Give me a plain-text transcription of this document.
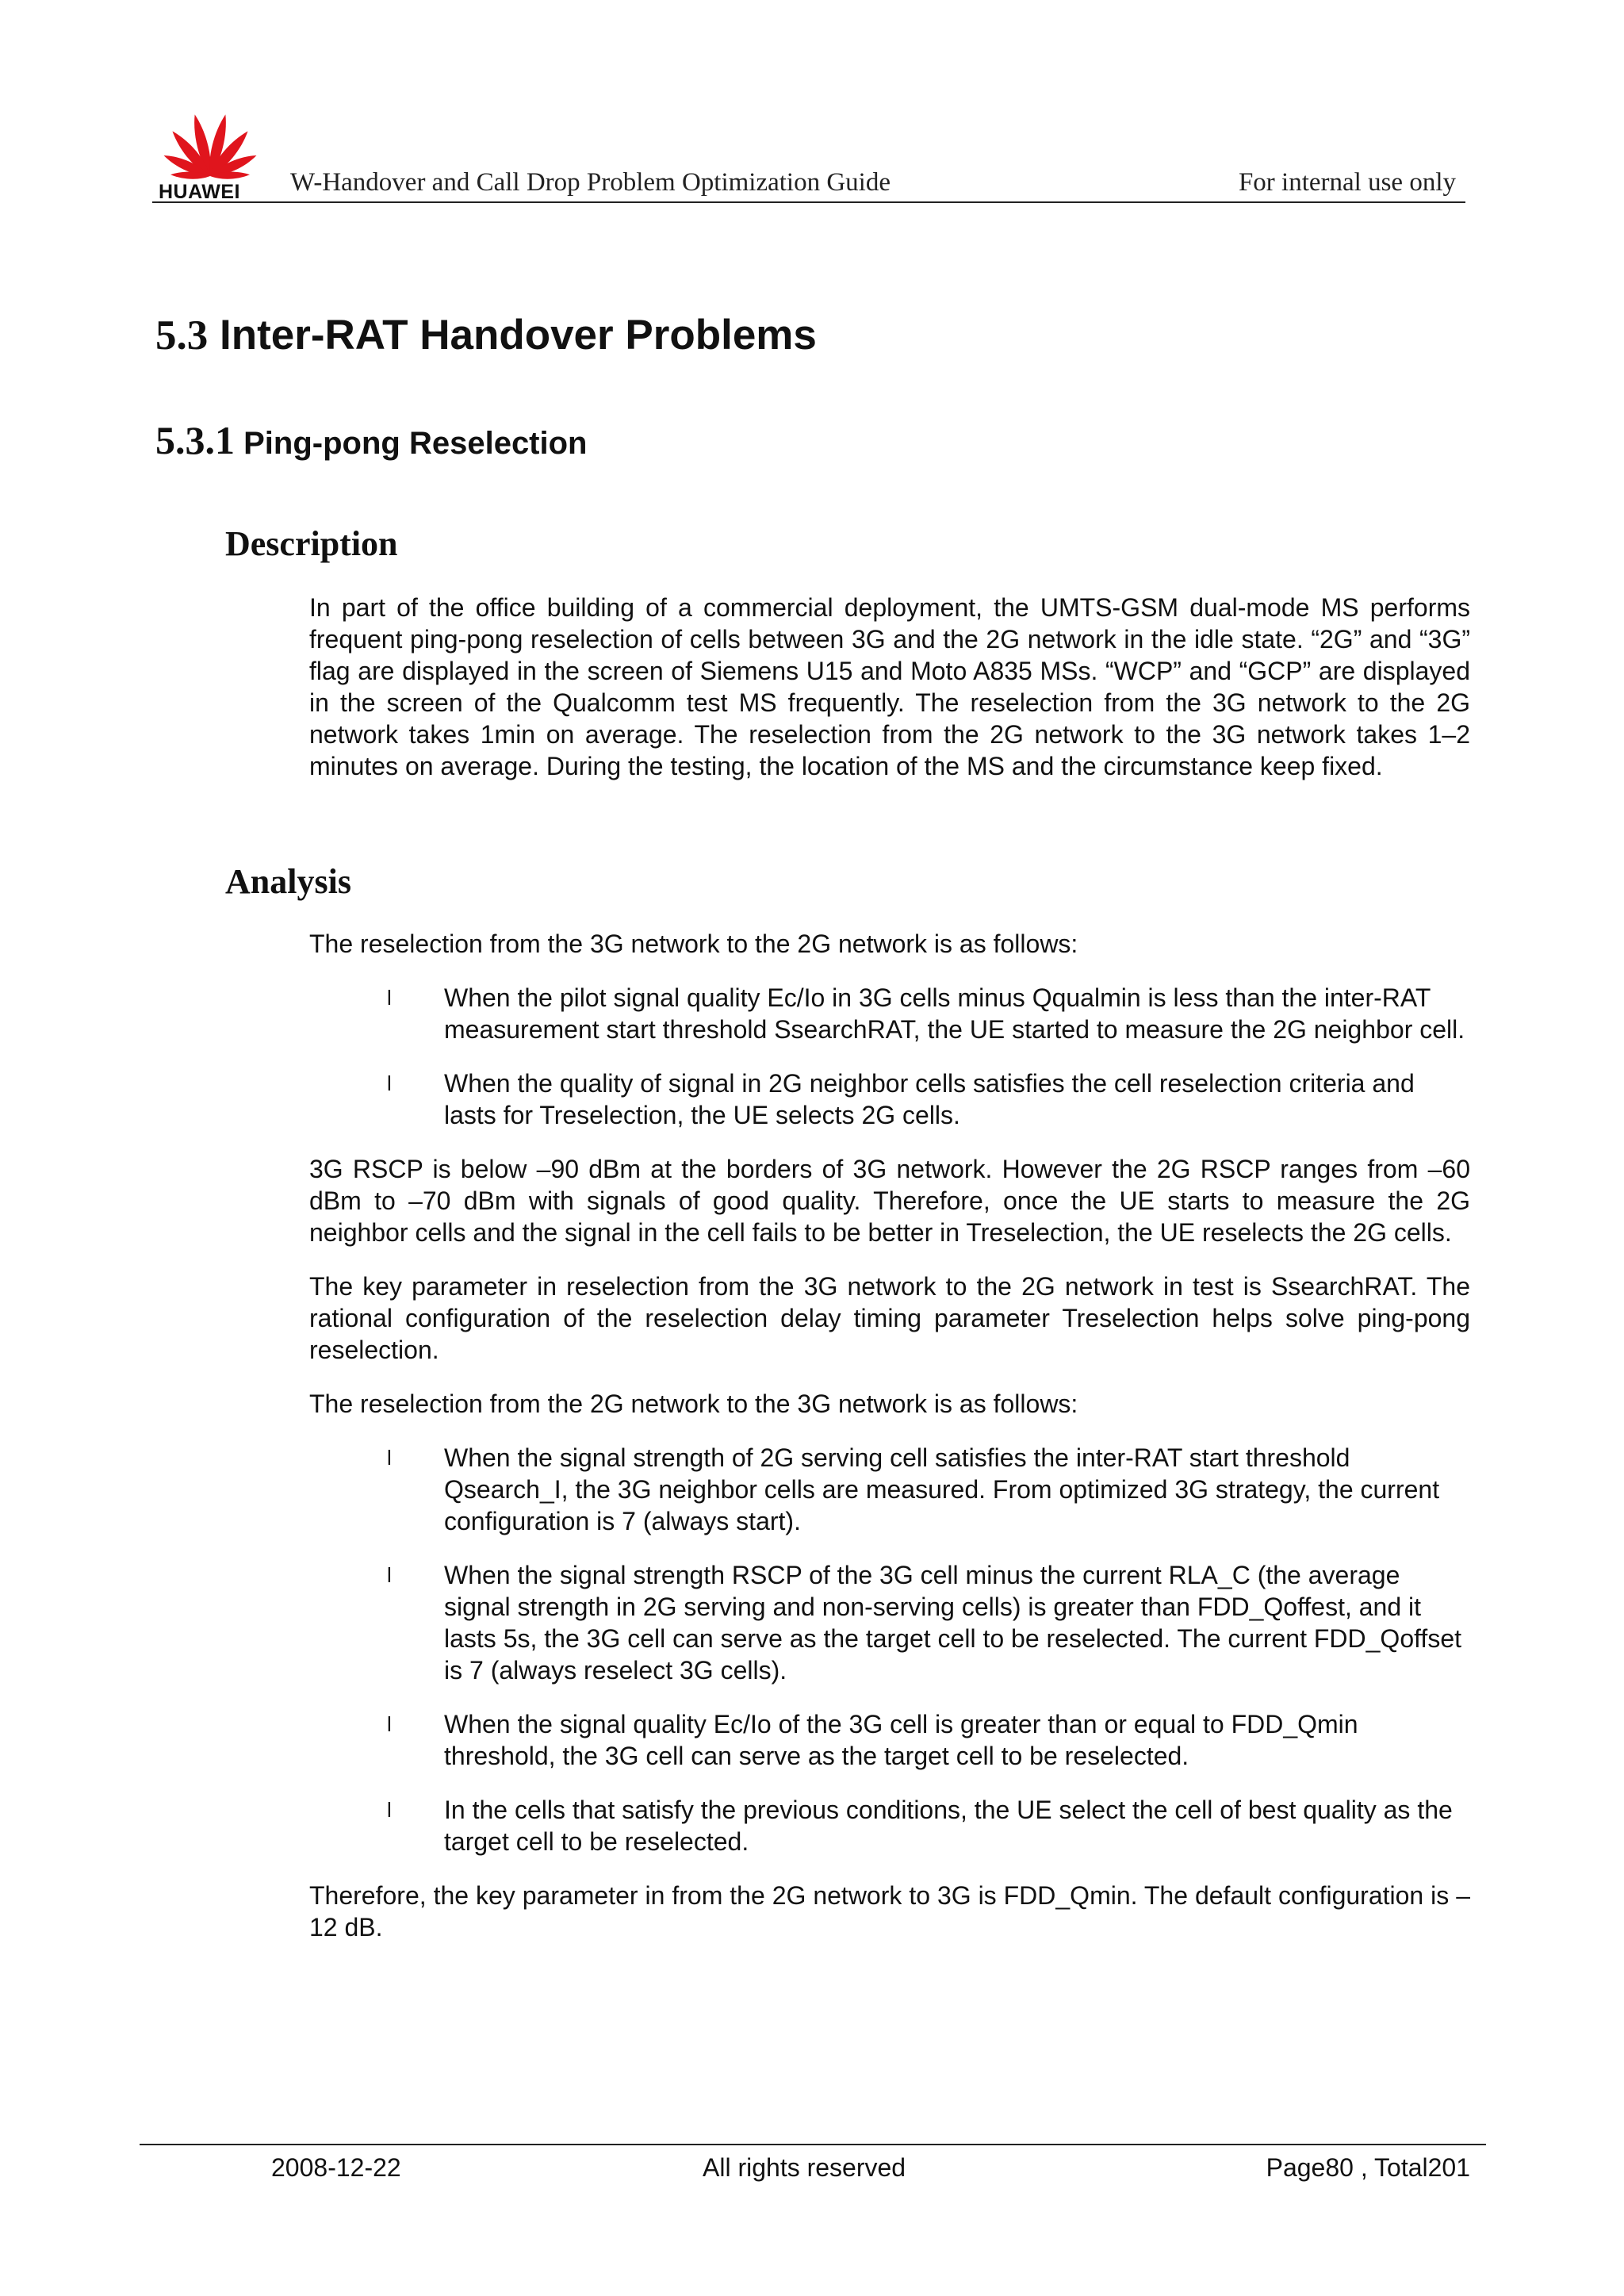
HUAWEI W-Handover and Call Drop Problem Optimization Guide	For internal use only
5.3 Inter-RAT Handover Problems
5.3.1 Ping-pong Reselection
Description
In part of the office building of a commercial deployment, the UMTS-GSM dual-mode MS performs frequent ping-pong reselection of cells between 3G and the 2G network in the idle state. “2G” and “3G” flag are displayed in the screen of Siemens U15 and Moto A835 MSs. “WCP” and “GCP” are displayed in the screen of the Qualcomm test MS frequently. The reselection from the 3G network to the 2G network takes 1min on average. The reselection from the 2G network to the 3G network takes 1–2 minutes on average. During the testing, the location of the MS and the circumstance keep fixed.
Analysis

The reselection from the 3G network to the 2G network is as follows:

l When the pilot signal quality Ec/Io in 3G cells minus Qqualmin is less than the inter-RAT measurement start threshold SsearchRAT, the UE started to measure the 2G neighbor cell.
l When the quality of signal in 2G neighbor cells satisfies the cell reselection criteria and lasts for Treselection, the UE selects 2G cells.

3G RSCP is below –90 dBm at the borders of 3G network. However the 2G RSCP ranges from –60 dBm to –70 dBm with signals of good quality. Therefore, once the UE starts to measure the 2G neighbor cells and the signal in the cell fails to be better in Treselection, the UE reselects the 2G cells.

The key parameter in reselection from the 3G network to the 2G network in test is SsearchRAT. The rational configuration of the reselection delay timing parameter Treselection helps solve ping-pong reselection.

The reselection from the 2G network to the 3G network is as follows:

l When the signal strength of 2G serving cell satisfies the inter-RAT start threshold Qsearch_I, the 3G neighbor cells are measured. From optimized 3G strategy, the current configuration is 7 (always start).
l When the signal strength RSCP of the 3G cell minus the current RLA_C (the average signal strength in 2G serving and non-serving cells) is greater than FDD_Qoffest, and it lasts 5s, the 3G cell can serve as the target cell to be reselected. The current FDD_Qoffset is 7 (always reselect 3G cells).
l When the signal quality Ec/Io of the 3G cell is greater than or equal to FDD_Qmin threshold, the 3G cell can serve as the target cell to be reselected.
l In the cells that satisfy the previous conditions, the UE select the cell of best quality as the target cell to be reselected.

Therefore, the key parameter in from the 2G network to 3G is FDD_Qmin. The default configuration is –12 dB.

2008-12-22	All rights reserved	Page80 , Total201
